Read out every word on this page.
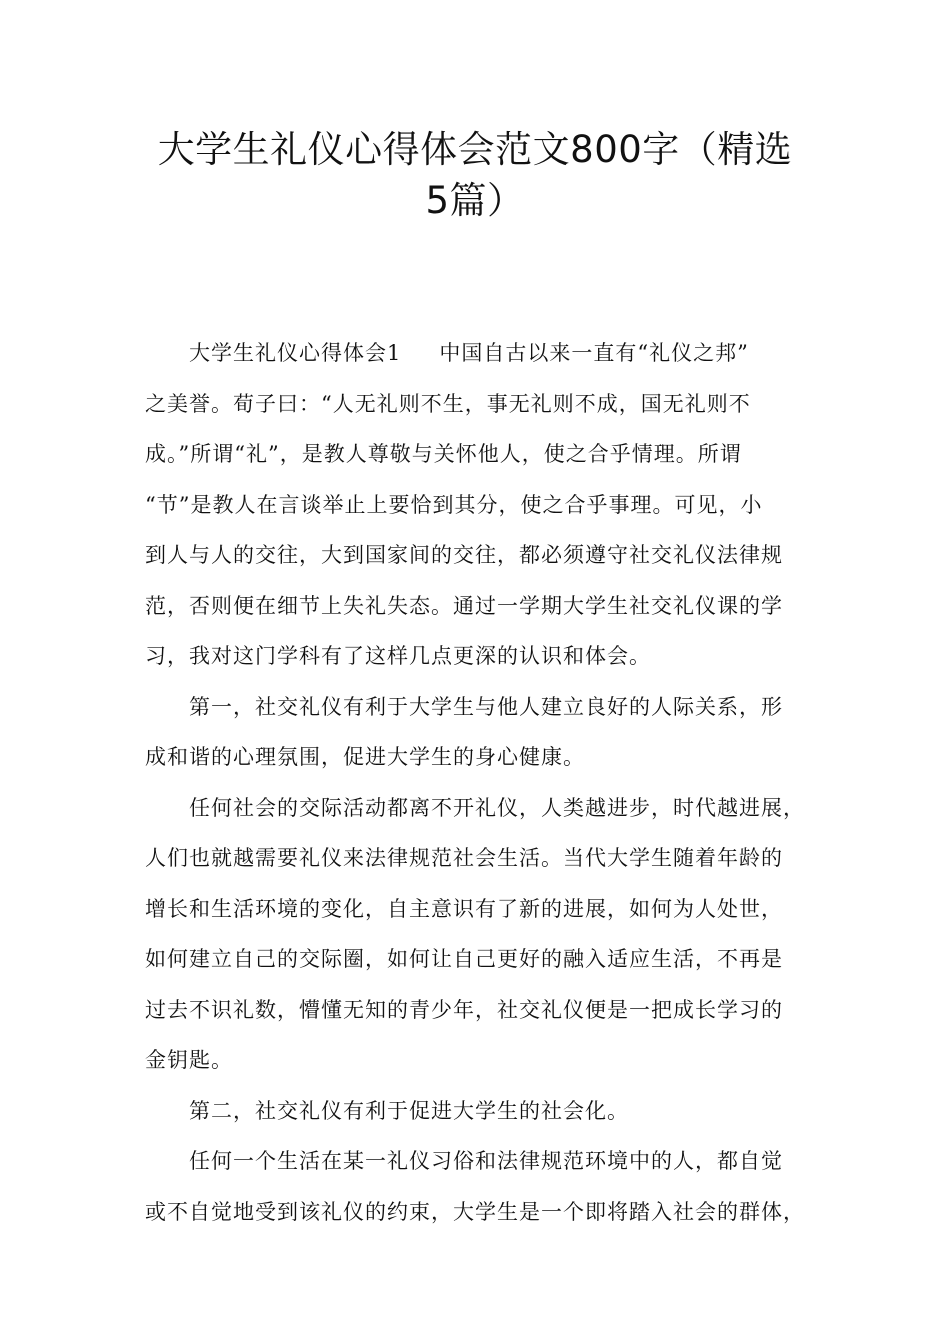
大学生礼仪心得体会范文800字（精选
5篇）
大学生礼仪心得体会1 中国自古以来一直有“礼仪之邦”
之美誉。荀子曰：“人无礼则不生，事无礼则不成，国无礼则不
成。”所谓“礼”，是教人尊敬与关怀他人，使之合乎情理。所谓
“节”是教人在言谈举止上要恰到其分，使之合乎事理。可见，小
到人与人的交往，大到国家间的交往，都必须遵守社交礼仪法律规
范，否则便在细节上失礼失态。通过一学期大学生社交礼仪课的学
习，我对这门学科有了这样几点更深的认识和体会。
第一，社交礼仪有利于大学生与他人建立良好的人际关系，形
成和谐的心理氛围，促进大学生的身心健康。
任何社会的交际活动都离不开礼仪，人类越进步，时代越进展，
人们也就越需要礼仪来法律规范社会生活。当代大学生随着年龄的
增长和生活环境的变化，自主意识有了新的进展，如何为人处世，
如何建立自己的交际圈，如何让自己更好的融入适应生活，不再是
过去不识礼数，懵懂无知的青少年，社交礼仪便是一把成长学习的
金钥匙。
第二，社交礼仪有利于促进大学生的社会化。
任何一个生活在某一礼仪习俗和法律规范环境中的人，都自觉
或不自觉地受到该礼仪的约束，大学生是一个即将踏入社会的群体，
